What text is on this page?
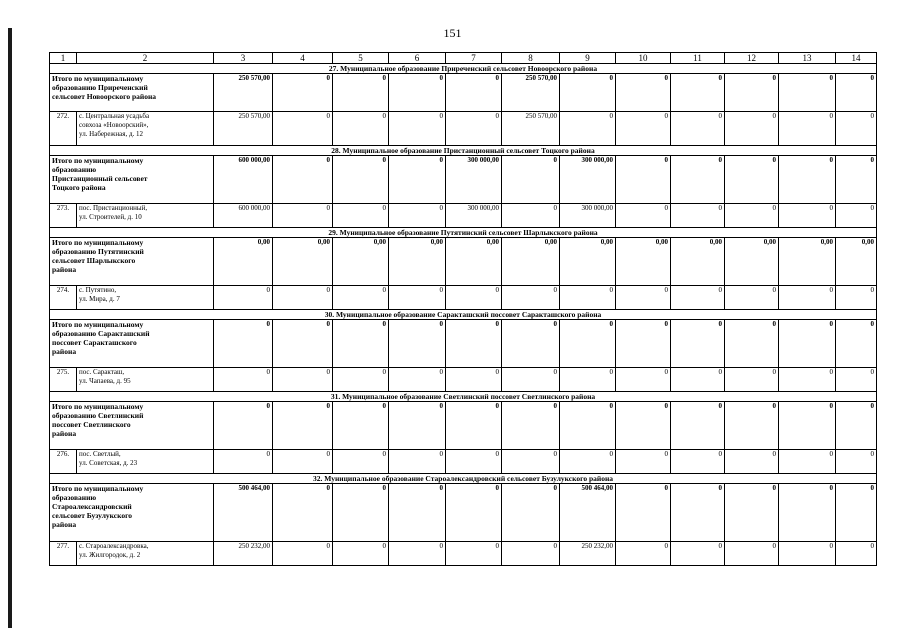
151
1	2	3	4	5	6	7	8	9	10	11	12	13	14
27. Муниципальное образование Приреченский сельсовет Новоорского района													

Итого по муниципальному
образованию Приреченский
сельсовет Новоорского района		250 570,00	0	0	0	0	250 570,00	0	0	0	0	0	0
272.	с. Центральная усадьба
совхоза «Новоорский»,
ул. Набережная, д. 12	250 570,00	0	0	0	0	250 570,00	0	0	0	0	0	0
28. Муниципальное образование Пристанционный сельсовет Тоцкого района													

Итого по муниципальному
образованию
Пристанционный сельсовет
Тоцкого района		600 000,00	0	0	0	300 000,00	0	300 000,00	0	0	0	0	0
273.	пос. Пристанционный,
ул. Строителей, д. 10	600 000,00	0	0	0	300 000,00	0	300 000,00	0	0	0	0	0
29. Муниципальное образование Путятинский сельсовет Шарлыкского района													

Итого по муниципальному
образованию Путятинский
сельсовет Шарлыкского
района		0,00	0,00	0,00	0,00	0,00	0,00	0,00	0,00	0,00	0,00	0,00	0,00
274.	с. Путятино,
ул. Мира, д. 7	0	0	0	0	0	0	0	0	0	0	0	0
30. Муниципальное образование Саракташский поссовет Саракташского района													

Итого по муниципальному
образованию Саракташский
поссовет Саракташского
района		0	0	0	0	0	0	0	0	0	0	0	0
275.	пос. Саракташ,
ул. Чапаева, д. 95	0	0	0	0	0	0	0	0	0	0	0	0
31. Муниципальное образование Светлинский поссовет Светлинского района													

Итого по муниципальному
образованию Светлинский
поссовет Светлинского
района		0	0	0	0	0	0	0	0	0	0	0	0
276.	пос. Светлый,
ул. Советская, д. 23	0	0	0	0	0	0	0	0	0	0	0	0
32. Муниципальное образование Староалександровский сельсовет Бузулукского района													

Итого по муниципальному
образованию
Староалександровский
сельсовет Бузулукского
района		500 464,00	0	0	0	0	0	500 464,00	0	0	0	0	0
277.	с. Староалександровка,
ул. Жилгородок, д. 2	250 232,00	0	0	0	0	0	250 232,00	0	0	0	0	0
